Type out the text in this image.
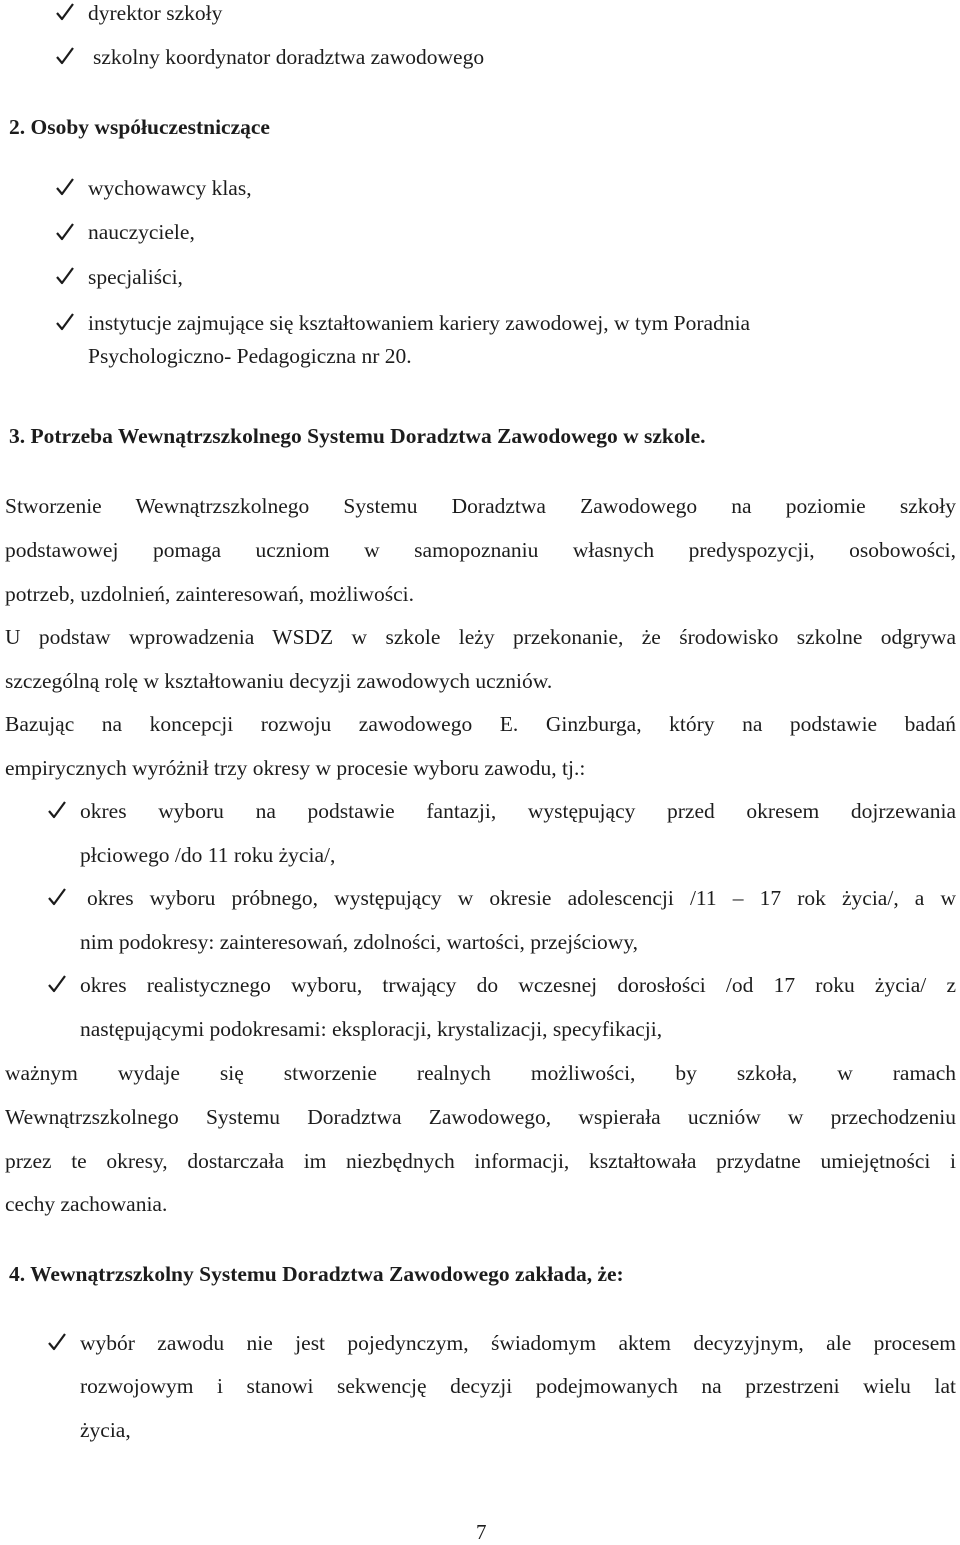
dyrektor szkoły
szkolny koordynator doradztwa zawodowego
2. Osoby współuczestniczące
wychowawcy klas,
nauczyciele,
specjaliści,
instytucje zajmujące się kształtowaniem kariery zawodowej, w tym Poradnia
Psychologiczno- Pedagogiczna nr 20.
3. Potrzeba Wewnątrzszkolnego Systemu Doradztwa Zawodowego w szkole.
Stworzenie Wewnątrzszkolnego Systemu Doradztwa Zawodowego na poziomie szkoły
podstawowej pomaga uczniom w samopoznaniu własnych predyspozycji, osobowości,
potrzeb, uzdolnień, zainteresowań, możliwości.
U podstaw wprowadzenia WSDZ w szkole leży przekonanie, że środowisko szkolne odgrywa
szczególną rolę w kształtowaniu decyzji zawodowych uczniów.
Bazując na koncepcji rozwoju zawodowego E. Ginzburga, który na podstawie badań
empirycznych wyróżnił trzy okresy w procesie wyboru zawodu, tj.:
okres wyboru na podstawie fantazji, występujący przed okresem dojrzewania
płciowego /do 11 roku życia/,
okres wyboru próbnego, występujący w okresie adolescencji /11 – 17 rok życia/, a w
nim podokresy: zainteresowań, zdolności, wartości, przejściowy,
okres realistycznego wyboru, trwający do wczesnej dorosłości /od 17 roku życia/ z
następującymi podokresami: eksploracji, krystalizacji, specyfikacji,
ważnym wydaje się stworzenie realnych możliwości, by szkoła, w ramach
Wewnątrzszkolnego Systemu Doradztwa Zawodowego, wspierała uczniów w przechodzeniu
przez te okresy, dostarczała im niezbędnych informacji, kształtowała przydatne umiejętności i
cechy zachowania.
4. Wewnątrzszkolny Systemu Doradztwa Zawodowego zakłada, że:
wybór zawodu nie jest pojedynczym, świadomym aktem decyzyjnym, ale procesem
rozwojowym i stanowi sekwencję decyzji podejmowanych na przestrzeni wielu lat
życia,
7
